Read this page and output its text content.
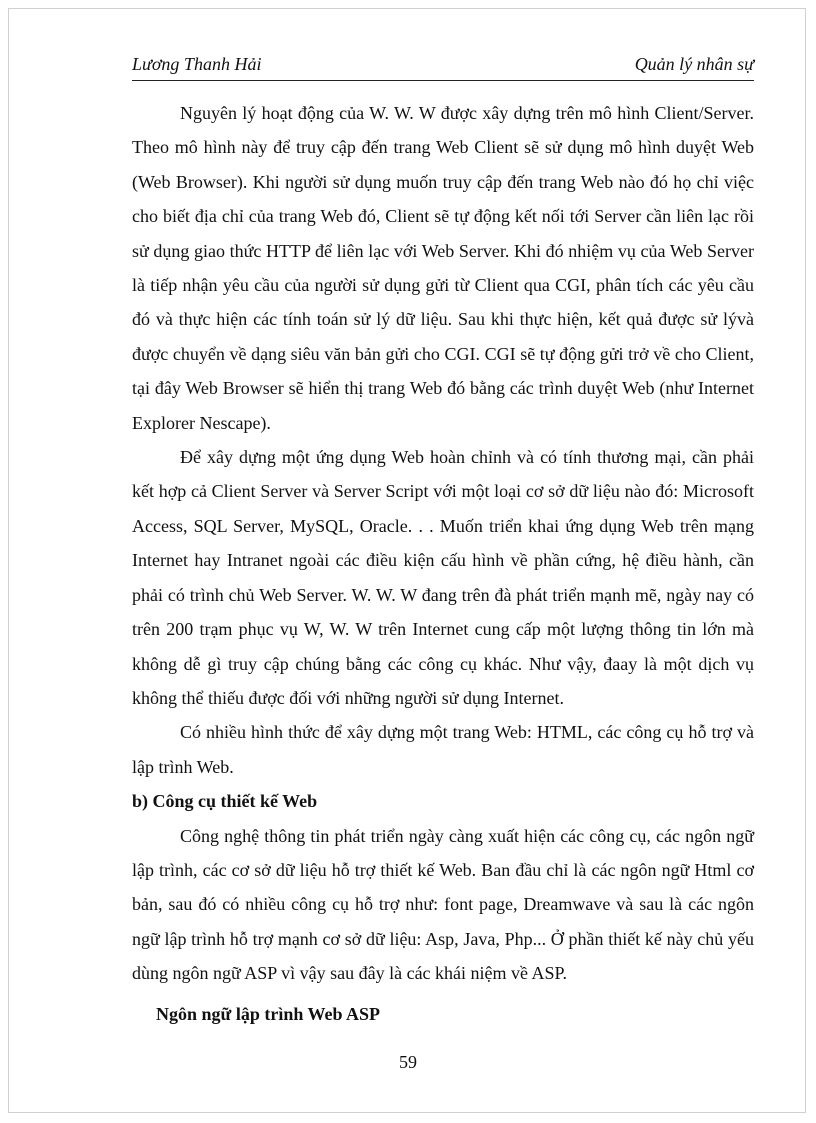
Lương Thanh Hải	Quản lý nhân sự

Nguyên lý hoạt động của W. W. W được xây dựng trên mô hình Client/Server. Theo mô hình này để truy cập đến trang Web Client sẽ sử dụng mô hình duyệt Web (Web Browser). Khi người sử dụng muốn truy cập đến trang Web nào đó họ chỉ việc cho biết địa chỉ của trang Web đó, Client sẽ tự động kết nối tới Server cần liên lạc rồi sử dụng giao thức HTTP để liên lạc với Web Server. Khi đó nhiệm vụ của Web Server là tiếp nhận yêu cầu của người sử dụng gửi từ Client qua CGI, phân tích các yêu cầu đó và thực hiện các tính toán sử lý dữ liệu. Sau khi thực hiện, kết quả được sử lývà được chuyển về dạng siêu văn bản gửi cho CGI. CGI sẽ tự động gửi trở về cho Client, tại đây Web Browser sẽ hiển thị trang Web đó bằng các trình duyệt Web (như Internet Explorer Nescape).

Để xây dựng một ứng dụng Web hoàn chỉnh và có tính thương mại, cần phải kết hợp cả Client Server và Server Script với một loại cơ sở dữ liệu nào đó: Microsoft Access, SQL Server, MySQL, Oracle. . . Muốn triển khai ứng dụng Web trên mạng Internet hay Intranet ngoài các điều kiện cấu hình về phần cứng, hệ điều hành, cần phải có trình chủ Web Server. W. W. W đang trên đà phát triển mạnh mẽ, ngày nay có trên 200 trạm phục vụ W, W. W trên Internet cung cấp một lượng thông tin lớn mà không dễ gì truy cập chúng bằng các công cụ khác. Như vậy, đaay là một dịch vụ không thể thiếu được đối với những người sử dụng Internet.

Có nhiều hình thức để xây dựng một trang Web: HTML, các công cụ hỗ trợ và lập trình Web.

b) Công cụ thiết kế Web

Công nghệ thông tin phát triển ngày càng xuất hiện các công cụ, các ngôn ngữ lập trình, các cơ sở dữ liệu hỗ trợ thiết kế Web. Ban đầu chỉ là các ngôn ngữ Html cơ bản, sau đó có nhiều công cụ hỗ trợ như: font page, Dreamwave và sau là các ngôn ngữ lập trình hỗ trợ mạnh cơ sở dữ liệu: Asp, Java, Php... Ở phần thiết kế này chủ yếu dùng ngôn ngữ ASP vì vậy sau đây là các khái niệm về ASP.

Ngôn ngữ lập trình Web ASP

59
